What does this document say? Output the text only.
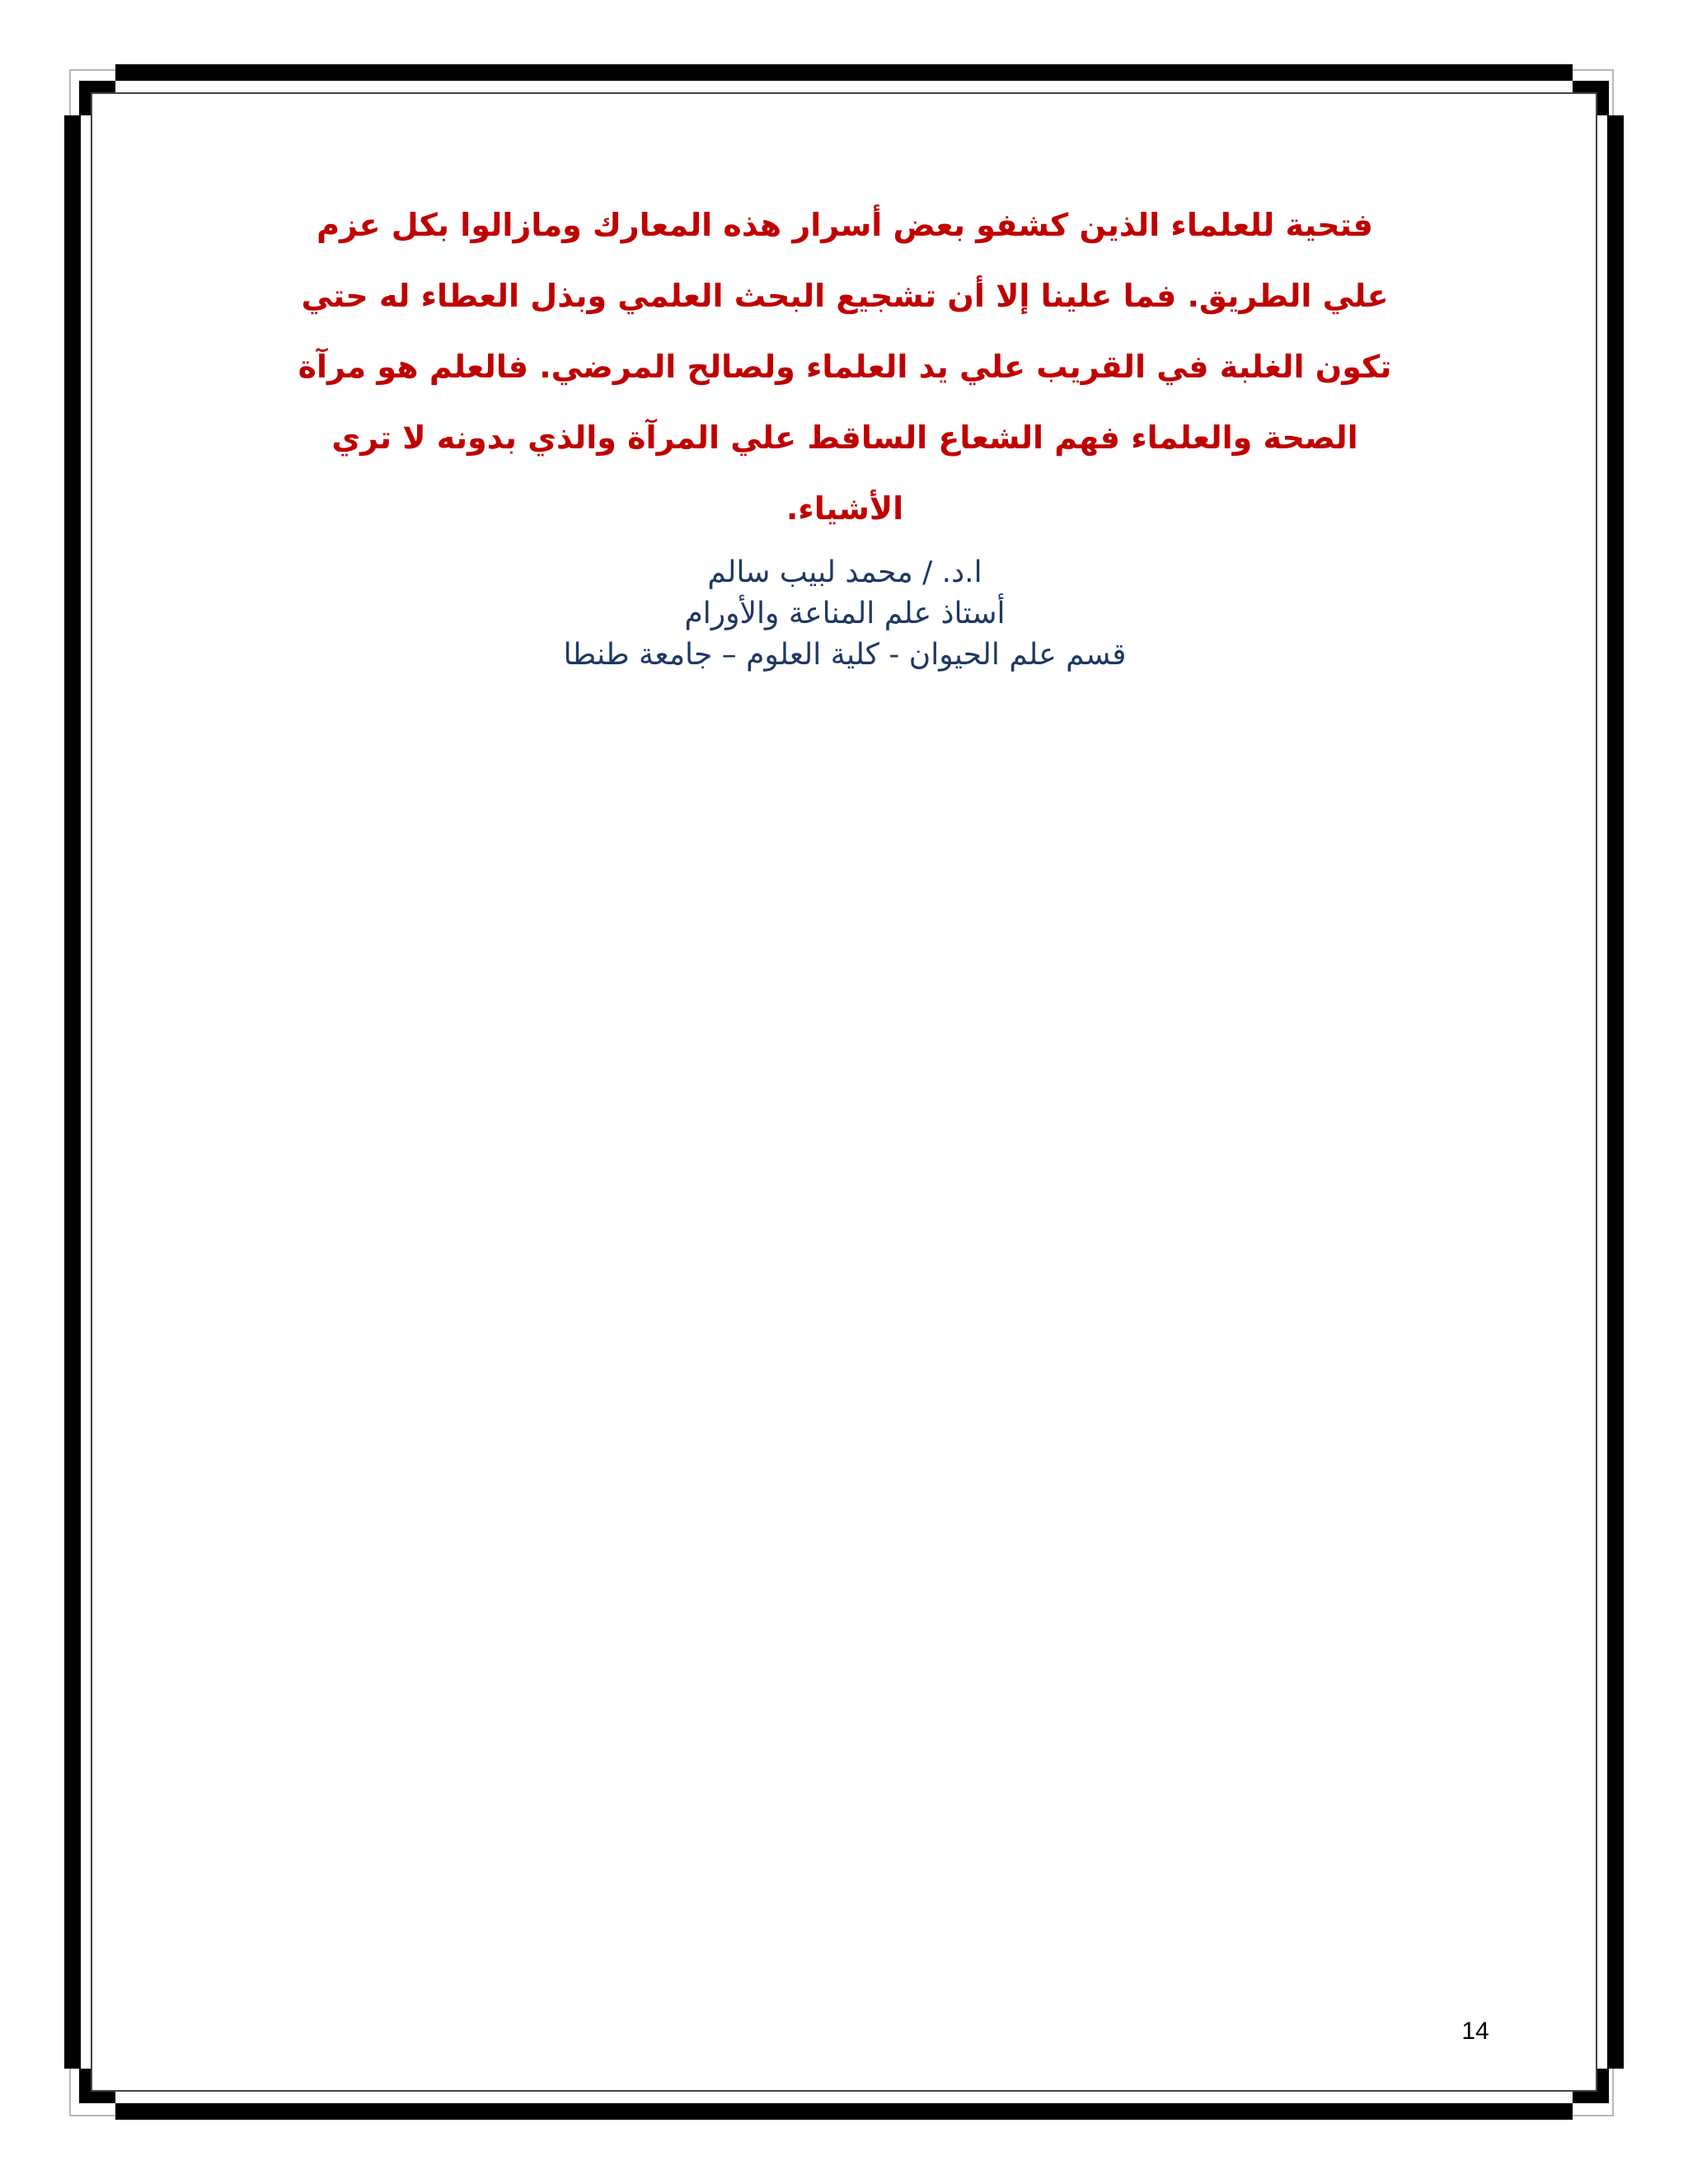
فتحية للعلماء الذين كشفو بعض أسرار هذه المعارك ومازالوا بكل عزم
علي الطريق. فما علينا إلا أن تشجيع البحث العلمي وبذل العطاء له حتي
تكون الغلبة في القريب علي يد العلماء ولصالح المرضي. فالعلم هو مرآة
الصحة والعلماء فهم الشعاع الساقط علي المرآة والذي بدونه لا تري
الأشياء.
ا.د. / محمد لبيب سالم
أستاذ علم المناعة والأورام
قسم علم الحيوان - كلية العلوم – جامعة طنطا
14
